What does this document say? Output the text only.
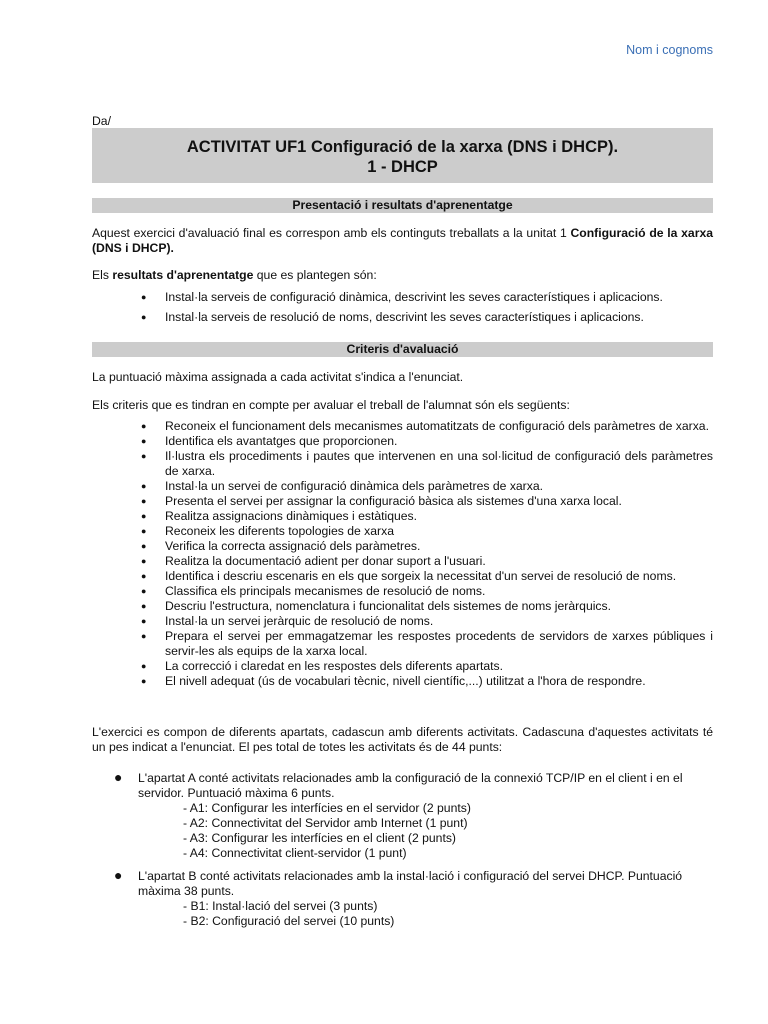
Nom i cognoms
Da/
ACTIVITAT UF1 Configuració de la xarxa (DNS i DHCP).
1 - DHCP
Presentació i resultats d'aprenentatge
Aquest exercici d'avaluació final es correspon amb els continguts treballats a la unitat 1 Configuració de la xarxa (DNS i DHCP).
Els resultats d'aprenentatge que es plantegen són:
● Instal·la serveis de configuració dinàmica, descrivint les seves característiques i aplicacions.
● Instal·la serveis de resolució de noms, descrivint les seves característiques i aplicacions.
Criteris d'avaluació
La puntuació màxima assignada a cada activitat s'indica a l'enunciat.
Els criteris que es tindran en compte per avaluar el treball de l'alumnat són els següents:
● Reconeix el funcionament dels mecanismes automatitzats de configuració dels paràmetres de xarxa.
● Identifica els avantatges que proporcionen.
● Il·lustra els procediments i pautes que intervenen en una sol·licitud de configuració dels paràmetres de xarxa.
● Instal·la un servei de configuració dinàmica dels paràmetres de xarxa.
● Presenta el servei per assignar la configuració bàsica als sistemes d'una xarxa local.
● Realitza assignacions dinàmiques i estàtiques.
● Reconeix les diferents topologies de xarxa
● Verifica la correcta assignació dels paràmetres.
● Realitza la documentació adient per donar suport a l'usuari.
● Identifica i descriu escenaris en els que sorgeix la necessitat d'un servei de resolució de noms.
● Classifica els principals mecanismes de resolució de noms.
● Descriu l'estructura, nomenclatura i funcionalitat dels sistemes de noms jeràrquics.
● Instal·la un servei jeràrquic de resolució de noms.
● Prepara el servei per emmagatzemar les respostes procedents de servidors de xarxes públiques i servir-les als equips de la xarxa local.
● La correcció i claredat en les respostes dels diferents apartats.
● El nivell adequat (ús de vocabulari tècnic, nivell científic,...) utilitzat a l'hora de respondre.
L'exercici es compon de diferents apartats, cadascun amb diferents activitats. Cadascuna d'aquestes activitats té un pes indicat a l'enunciat. El pes total de totes les activitats és de 44 punts:
● L'apartat A conté activitats relacionades amb la configuració de la connexió TCP/IP en el client i en el servidor. Puntuació màxima 6 punts.
- A1: Configurar les interfícies en el servidor (2 punts)
- A2: Connectivitat del Servidor amb Internet (1 punt)
- A3: Configurar les interfícies en el client (2 punts)
- A4: Connectivitat client-servidor (1 punt)
● L'apartat B conté activitats relacionades amb la instal·lació i configuració del servei DHCP. Puntuació màxima 38 punts.
- B1: Instal·lació del servei (3 punts)
- B2: Configuració del servei (10 punts)
